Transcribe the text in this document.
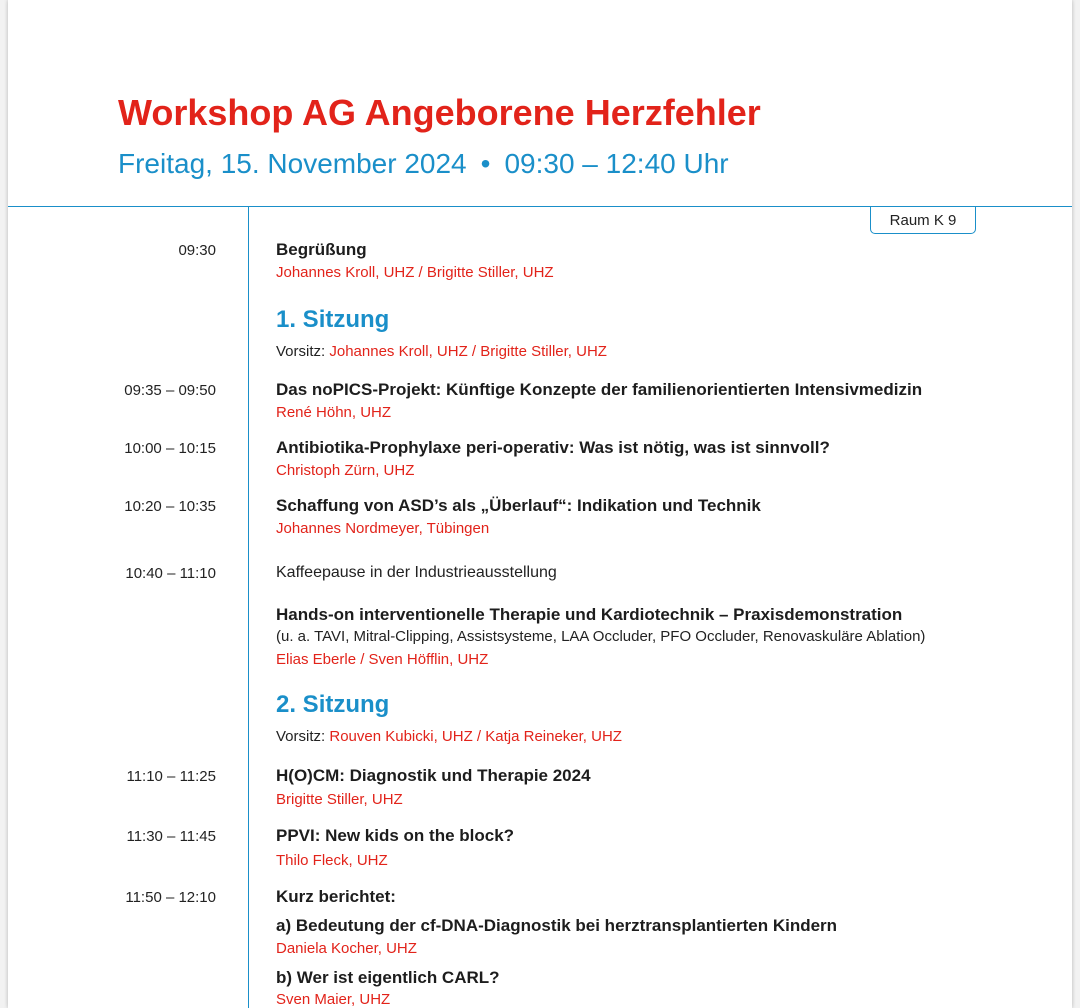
Workshop AG Angeborene Herzfehler
Freitag, 15. November 2024 • 09:30 – 12:40 Uhr
Raum K 9
09:30	Begrüßung
Johannes Kroll, UHZ / Brigitte Stiller, UHZ
1. Sitzung
Vorsitz: Johannes Kroll, UHZ / Brigitte Stiller, UHZ
09:35 – 09:50	Das noPICS-Projekt: Künftige Konzepte der familienorientierten Intensivmedizin
René Höhn, UHZ
10:00 – 10:15	Antibiotika-Prophylaxe peri-operativ: Was ist nötig, was ist sinnvoll?
Christoph Zürn, UHZ
10:20 – 10:35	Schaffung von ASD’s als „Überlauf“: Indikation und Technik
Johannes Nordmeyer, Tübingen
10:40 – 11:10	Kaffeepause in der Industrieausstellung
Hands-on interventionelle Therapie und Kardiotechnik – Praxisdemonstration
(u. a. TAVI, Mitral-Clipping, Assistsysteme, LAA Occluder, PFO Occluder, Renovaskuläre Ablation)
Elias Eberle / Sven Höfflin, UHZ
2. Sitzung
Vorsitz: Rouven Kubicki, UHZ / Katja Reineker, UHZ
11:10 – 11:25	H(O)CM: Diagnostik und Therapie 2024
Brigitte Stiller, UHZ
11:30 – 11:45	PPVI: New kids on the block?
Thilo Fleck, UHZ
11:50 – 12:10	Kurz berichtet:
a) Bedeutung der cf-DNA-Diagnostik bei herztransplantierten Kindern
Daniela Kocher, UHZ
b) Wer ist eigentlich CARL?
Sven Maier, UHZ
